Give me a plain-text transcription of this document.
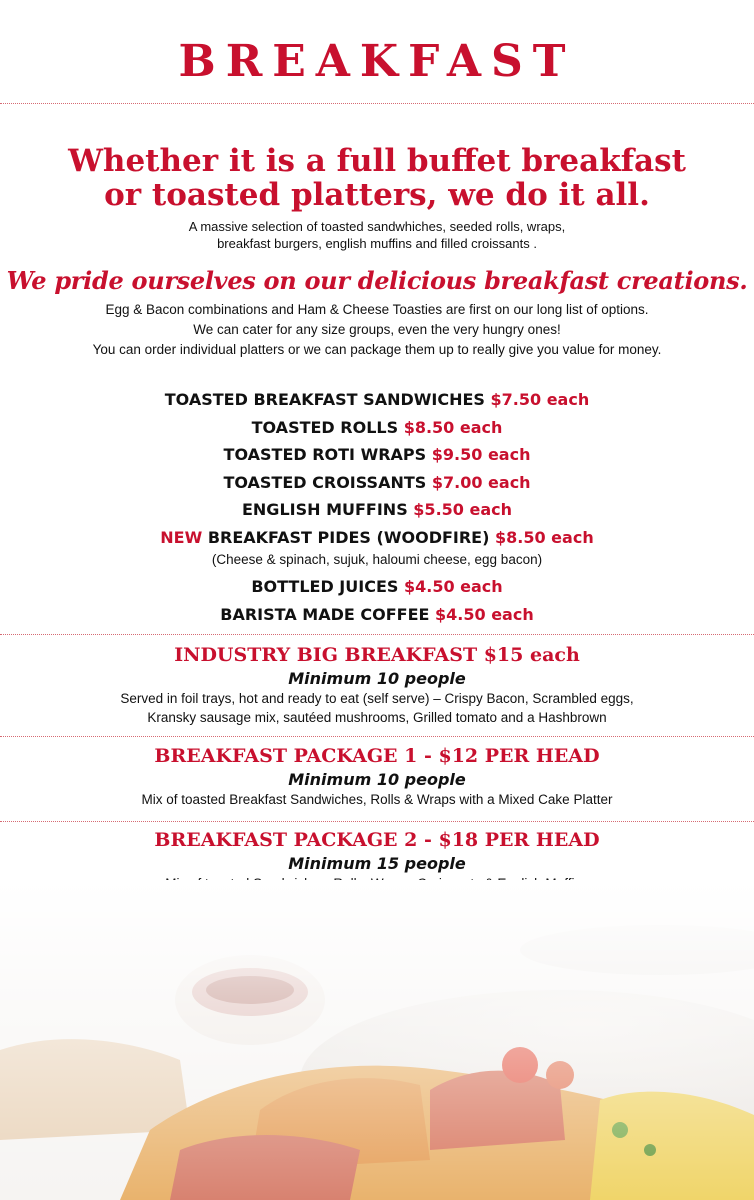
BREAKFAST
Whether it is a full buffet breakfast
or toasted platters, we do it all.
A massive selection of toasted sandwhiches, seeded rolls, wraps,
breakfast burgers, english muffins and filled croissants .
We pride ourselves on our delicious breakfast creations.
Egg & Bacon combinations and Ham & Cheese Toasties are first on our long list of options.
We can cater for any size groups, even the very hungry ones!
You can order individual platters or we can package them up to really give you value for money.
TOASTED BREAKFAST SANDWICHES $7.50 each
TOASTED ROLLS $8.50 each
TOASTED ROTI WRAPS $9.50 each
TOASTED CROISSANTS $7.00 each
ENGLISH MUFFINS $5.50 each
NEW BREAKFAST PIDES (WOODFIRE) $8.50 each
(Cheese & spinach, sujuk, haloumi cheese, egg bacon)
BOTTLED JUICES $4.50 each
BARISTA MADE COFFEE $4.50 each
INDUSTRY BIG BREAKFAST $15 each
Minimum 10 people
Served in foil trays, hot and ready to eat (self serve) – Crispy Bacon, Scrambled eggs,
Kransky sausage mix, sautéed mushrooms, Grilled tomato and a Hashbrown
BREAKFAST PACKAGE 1 - $12 PER HEAD
Minimum 10 people
Mix of toasted Breakfast Sandwiches, Rolls & Wraps with a Mixed Cake Platter
BREAKFAST PACKAGE 2 - $18 PER HEAD
Minimum 15 people
